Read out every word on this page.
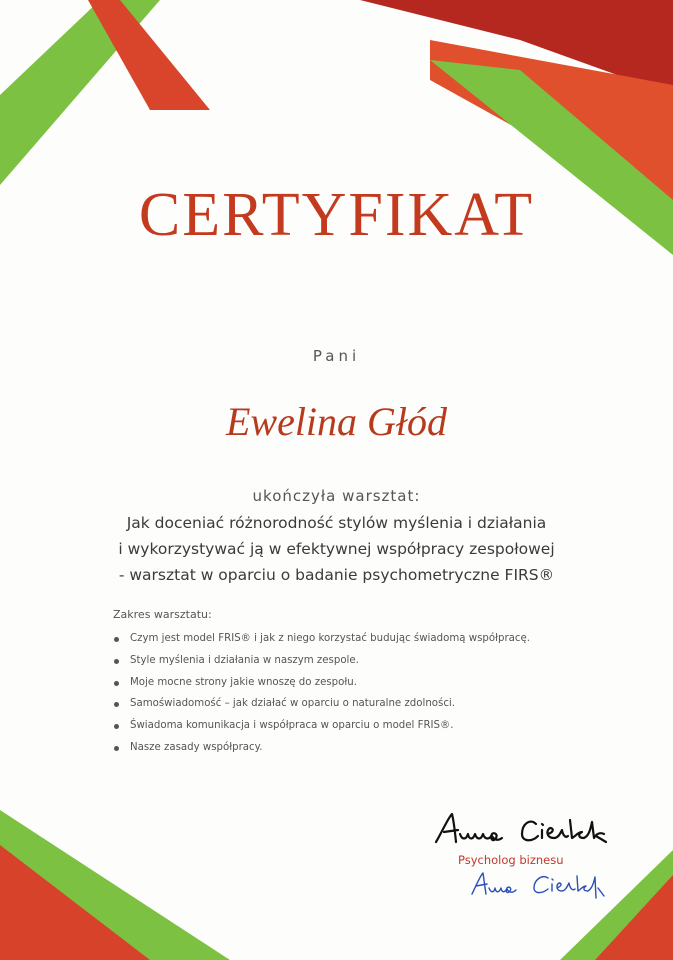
CERTYFIKAT
Pani
Ewelina Głód
ukończyła warsztat:
Jak doceniać różnorodność stylów myślenia i działania
i wykorzystywać ją w efektywnej współpracy zespołowej
- warsztat w oparciu o badanie psychometryczne FIRS®
Zakres warsztatu:
Czym jest model FRIS® i jak z niego korzystać budując świadomą współpracę.
Style myślenia i działania w naszym zespole.
Moje mocne strony jakie wnoszę do zespołu.
Samoświadomość – jak działać w oparciu o naturalne zdolności.
Świadoma komunikacja i współpraca w oparciu o model FRIS®.
Nasze zasady współpracy.
Psycholog biznesu
